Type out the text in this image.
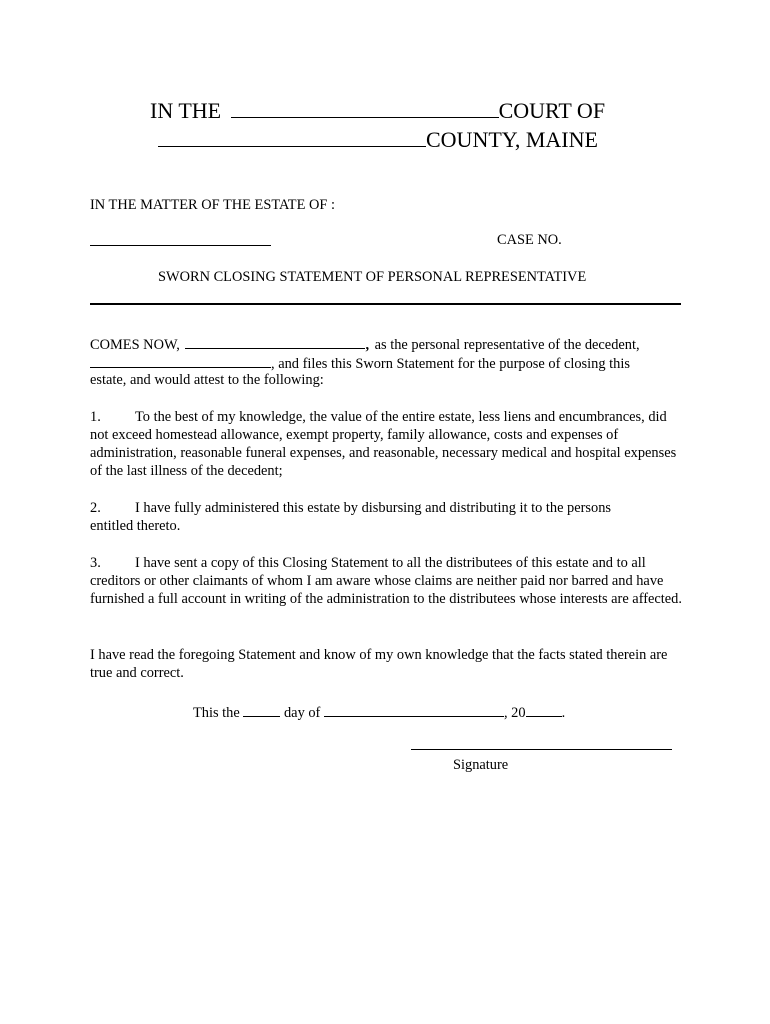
IN THE	COURT OF
COUNTY, MAINE
IN THE MATTER OF THE ESTATE OF :
CASE NO.
SWORN CLOSING STATEMENT OF PERSONAL REPRESENTATIVE
COMES NOW,	, as the personal representative of the decedent,
, and files this Sworn Statement for the purpose of closing this
estate, and would attest to the following:
1. To the best of my knowledge, the value of the entire estate, less liens and encumbrances, did not exceed homestead allowance, exempt property, family allowance, costs and expenses of administration, reasonable funeral expenses, and reasonable, necessary medical and hospital expenses of the last illness of the decedent;
2. I have fully administered this estate by disbursing and distributing it to the persons
entitled thereto.
3. I have sent a copy of this Closing Statement to all the distributees of this estate and to all creditors or other claimants of whom I am aware whose claims are neither paid nor barred and have furnished a full account in writing of the administration to the distributees whose interests are affected.
I have read the foregoing Statement and know of my own knowledge that the facts stated therein are true and correct.
This the	day of	, 20	.
Signature
